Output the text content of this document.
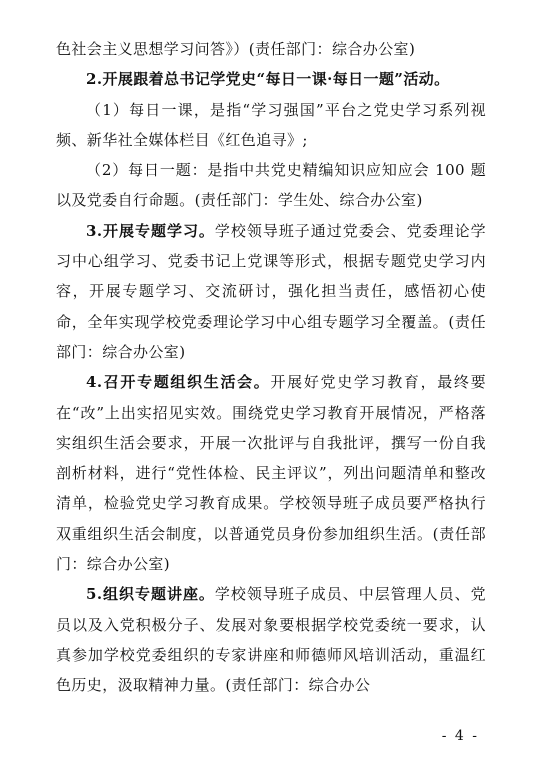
色社会主义思想学习问答》）(责任部门：综合办公室)

2.开展跟着总书记学党史“每日一课·每日一题”活动。

（1）每日一课，是指“学习强国”平台之党史学习系列视频、新华社全媒体栏目《红色追寻》;

（2）每日一题：是指中共党史精编知识应知应会 100 题以及党委自行命题。(责任部门：学生处、综合办公室)

3.开展专题学习。学校领导班子通过党委会、党委理论学习中心组学习、党委书记上党课等形式，根据专题党史学习内容，开展专题学习、交流研讨，强化担当责任，感悟初心使命，全年实现学校党委理论学习中心组专题学习全覆盖。(责任部门：综合办公室)

4.召开专题组织生活会。开展好党史学习教育，最终要在“改”上出实招见实效。围绕党史学习教育开展情况，严格落实组织生活会要求，开展一次批评与自我批评，撰写一份自我剖析材料，进行“党性体检、民主评议”，列出问题清单和整改清单，检验党史学习教育成果。学校领导班子成员要严格执行双重组织生活会制度，以普通党员身份参加组织生活。(责任部门：综合办公室)

5.组织专题讲座。学校领导班子成员、中层管理人员、党员以及入党积极分子、发展对象要根据学校党委统一要求，认真参加学校党委组织的专家讲座和师德师风培训活动，重温红色历史，汲取精神力量。(责任部门：综合办公

- 4 -
